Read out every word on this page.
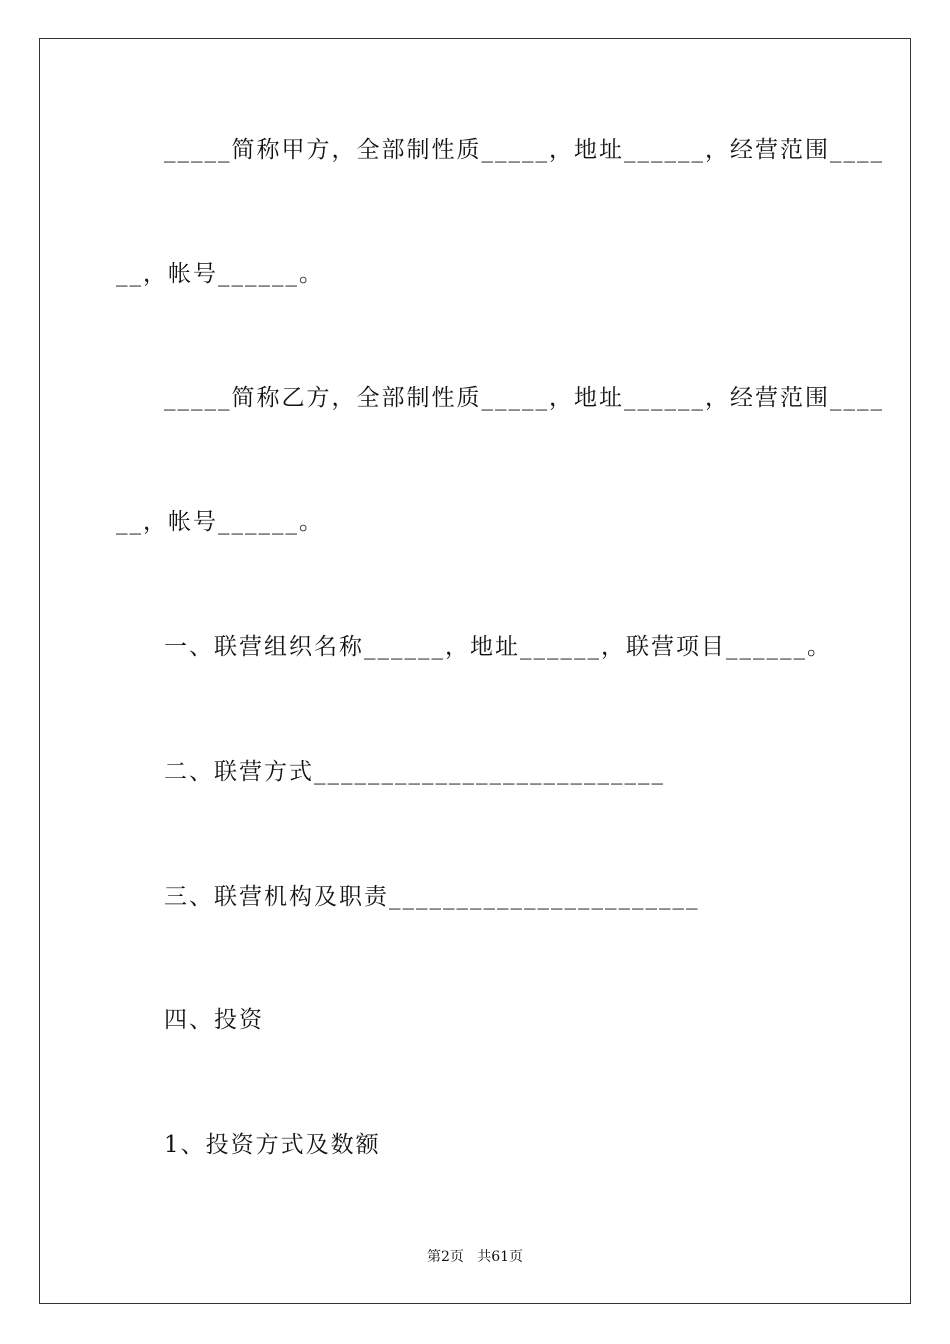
_____简称甲方，全部制性质_____，地址______，经营范围____
__，帐号______。
_____简称乙方，全部制性质_____，地址______，经营范围____
__，帐号______。
一、联营组织名称______，地址______，联营项目______。
二、联营方式__________________________
三、联营机构及职责_______________________
四、投资
1、投资方式及数额
第2页   共61页
